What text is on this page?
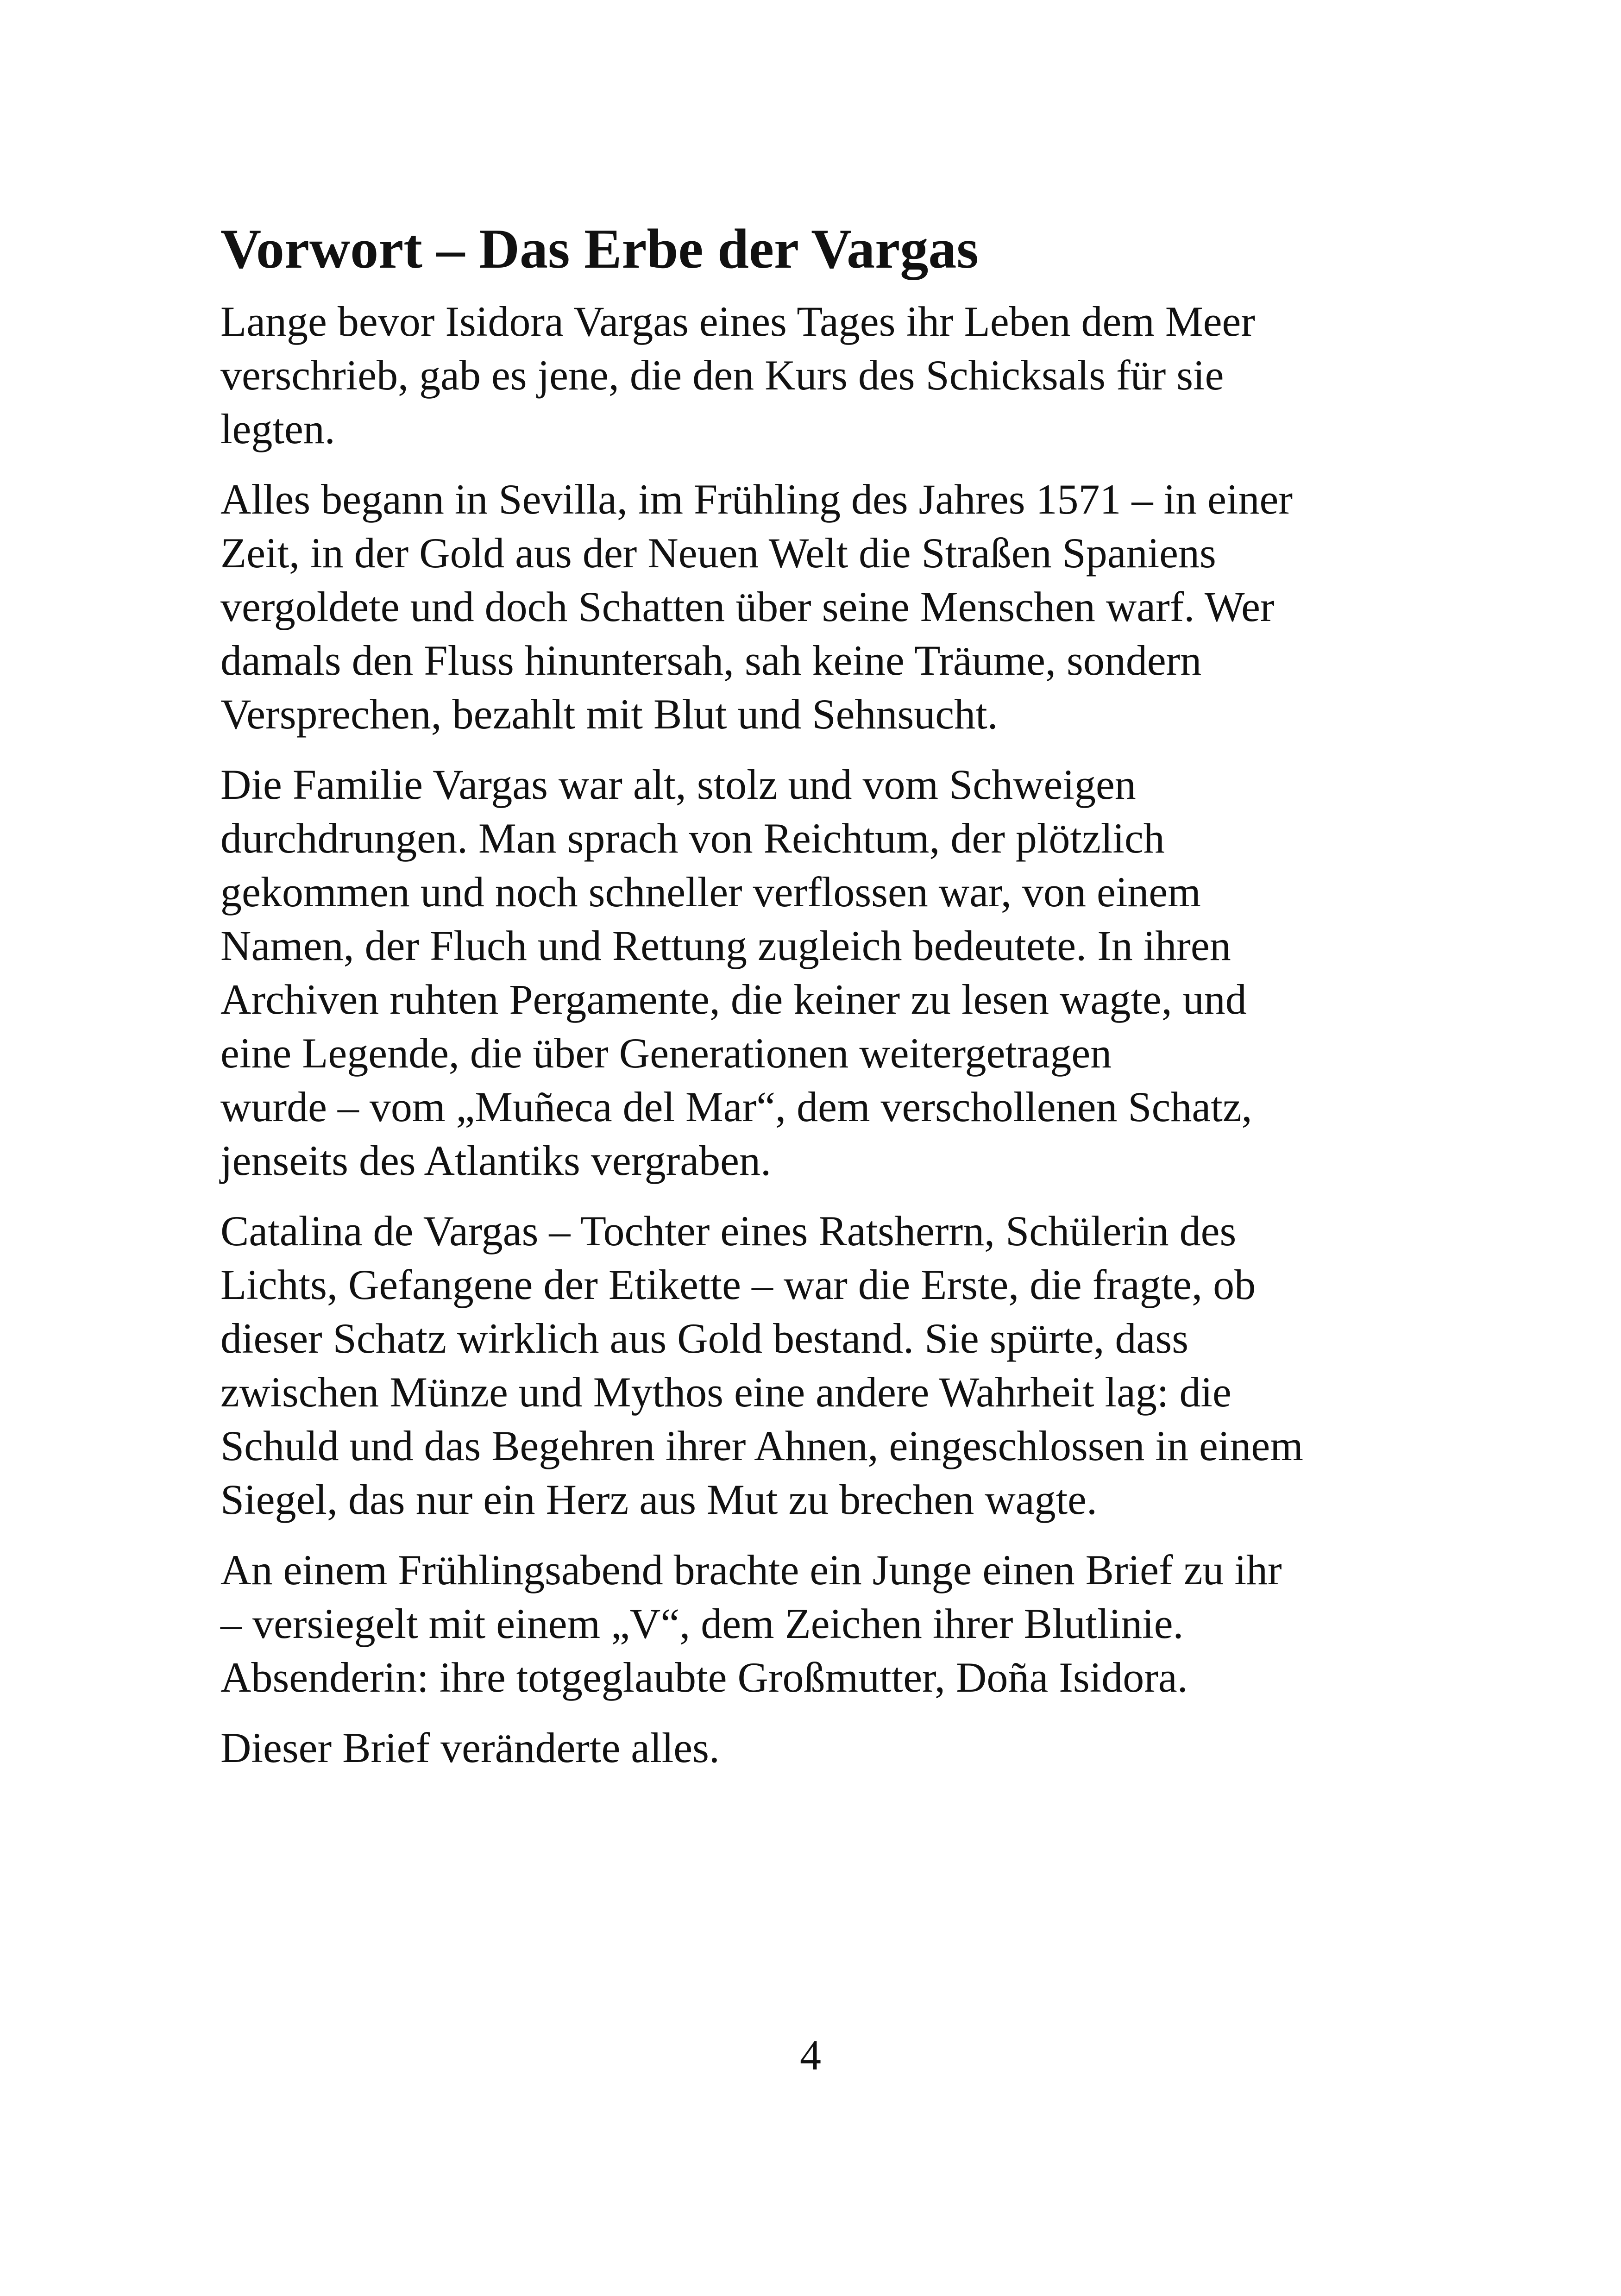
Vorwort – Das Erbe der Vargas

Lange bevor Isidora Vargas eines Tages ihr Leben dem Meer
verschrieb, gab es jene, die den Kurs des Schicksals für sie
legten.

Alles begann in Sevilla, im Frühling des Jahres 1571 – in einer
Zeit, in der Gold aus der Neuen Welt die Straßen Spaniens
vergoldete und doch Schatten über seine Menschen warf. Wer
damals den Fluss hinuntersah, sah keine Träume, sondern
Versprechen, bezahlt mit Blut und Sehnsucht.

Die Familie Vargas war alt, stolz und vom Schweigen
durchdrungen. Man sprach von Reichtum, der plötzlich
gekommen und noch schneller verflossen war, von einem
Namen, der Fluch und Rettung zugleich bedeutete. In ihren
Archiven ruhten Pergamente, die keiner zu lesen wagte, und
eine Legende, die über Generationen weitergetragen
wurde – vom „Muñeca del Mar“, dem verschollenen Schatz,
jenseits des Atlantiks vergraben.

Catalina de Vargas – Tochter eines Ratsherrn, Schülerin des
Lichts, Gefangene der Etikette – war die Erste, die fragte, ob
dieser Schatz wirklich aus Gold bestand. Sie spürte, dass
zwischen Münze und Mythos eine andere Wahrheit lag: die
Schuld und das Begehren ihrer Ahnen, eingeschlossen in einem
Siegel, das nur ein Herz aus Mut zu brechen wagte.

An einem Frühlingsabend brachte ein Junge einen Brief zu ihr
– versiegelt mit einem „V“, dem Zeichen ihrer Blutlinie.
Absenderin: ihre totgeglaubte Großmutter, Doña Isidora.

Dieser Brief veränderte alles.

4
